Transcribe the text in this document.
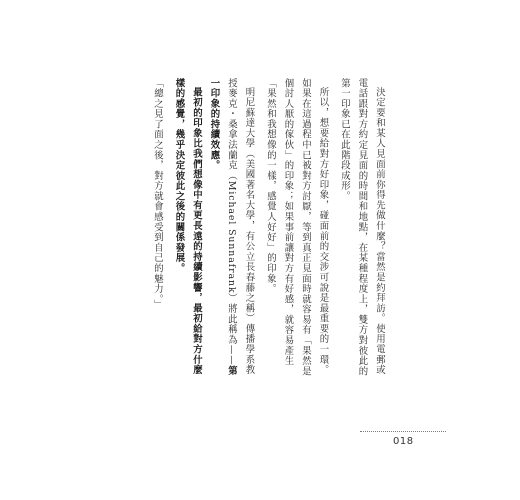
決定要和某人見面前你得先做什麼？當然是約拜訪。使用電郵或電話跟對方約定見面的時間和地點，在某種程度上，雙方對彼此的第一印象已在此階段成形。

所以，想要給對方好印象，碰面前的交涉可說是最重要的一環。如果在這過程中已被對方討厭，等到真正見面時就容易有「果然是個討人厭的傢伙」的印象；如果事前讓對方有好感，就容易產生「果然和我想像的一樣，感覺人好好」的印象。

明尼蘇達大學（美國著名大學，有公立長春藤之稱）傳播學系教授麥克・桑拿法蘭克（Michael Sunnafrank）將此稱為——第一印象的持續效應。

最初的印象比我們想像中有更長遠的持續影響，最初給對方什麼樣的感覺，幾乎決定彼此之後的關係發展。

「總之見了面之後，對方就會感受到自己的魅力。」

018
